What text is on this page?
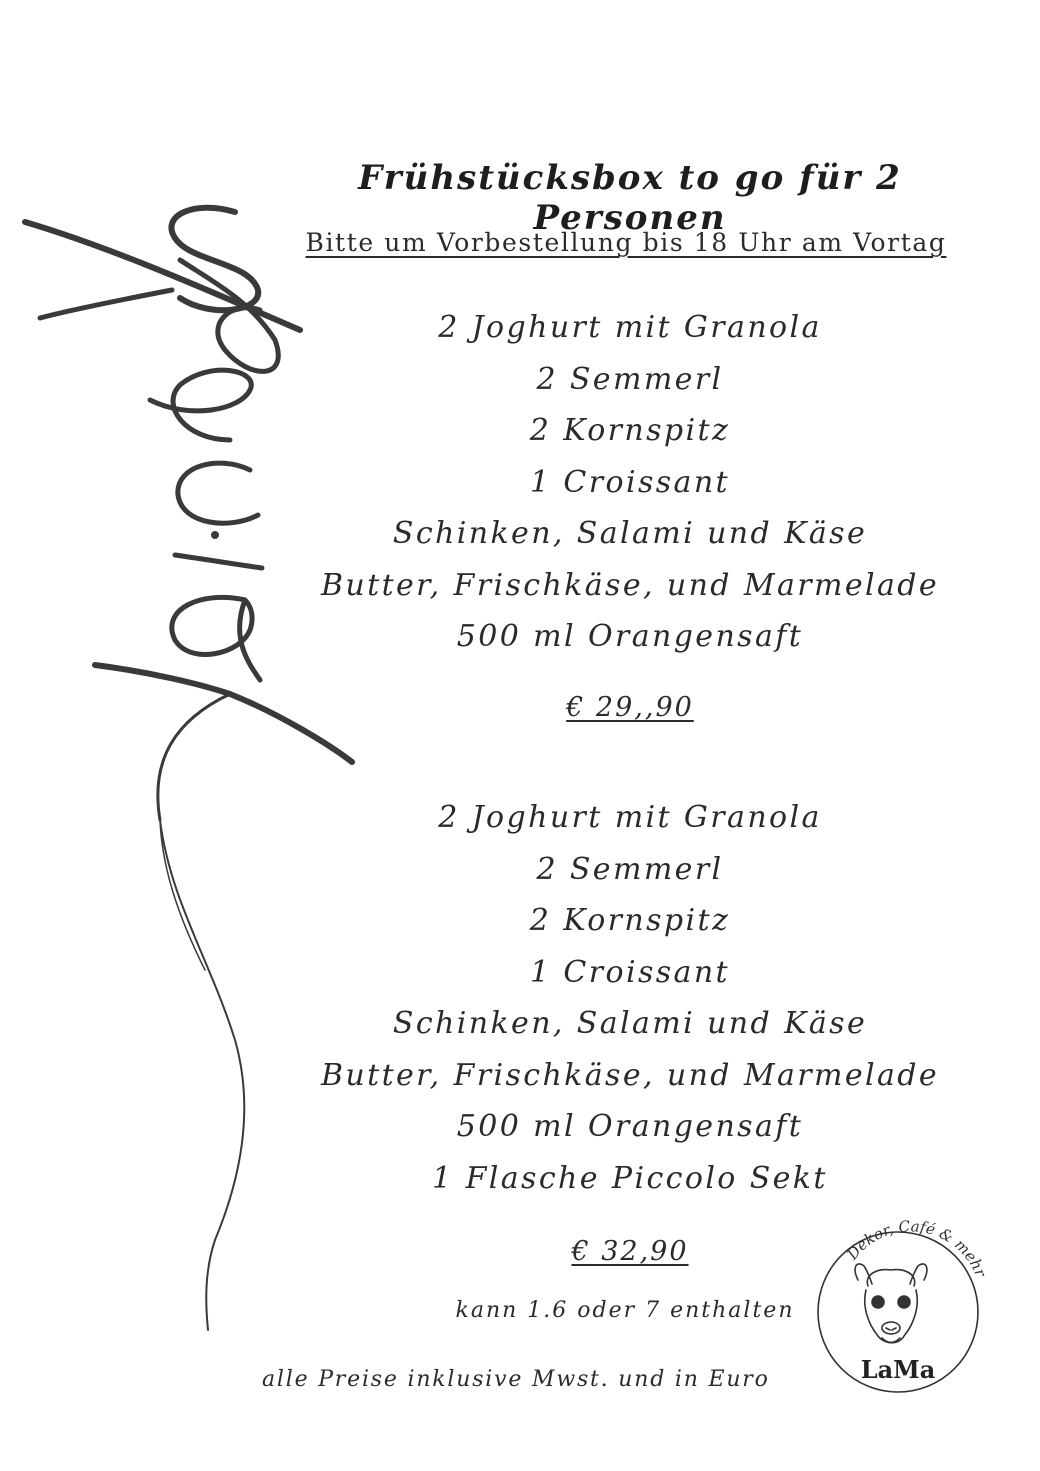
Frühstücksbox to go für 2 Personen
Bitte um Vorbestellung bis 18 Uhr am Vortag
2 Joghurt mit Granola
2 Semmerl
2 Kornspitz
1 Croissant
Schinken, Salami und Käse
Butter, Frischkäse, und Marmelade
500 ml Orangensaft
€ 29,,90
2 Joghurt mit Granola
2 Semmerl
2 Kornspitz
1 Croissant
Schinken, Salami und Käse
Butter, Frischkäse, und Marmelade
500 ml Orangensaft
1 Flasche Piccolo Sekt
€ 32,90
kann 1.6 oder 7 enthalten
alle Preise inklusive Mwst. und in Euro
Dekor, Café & mehr
LaMa
